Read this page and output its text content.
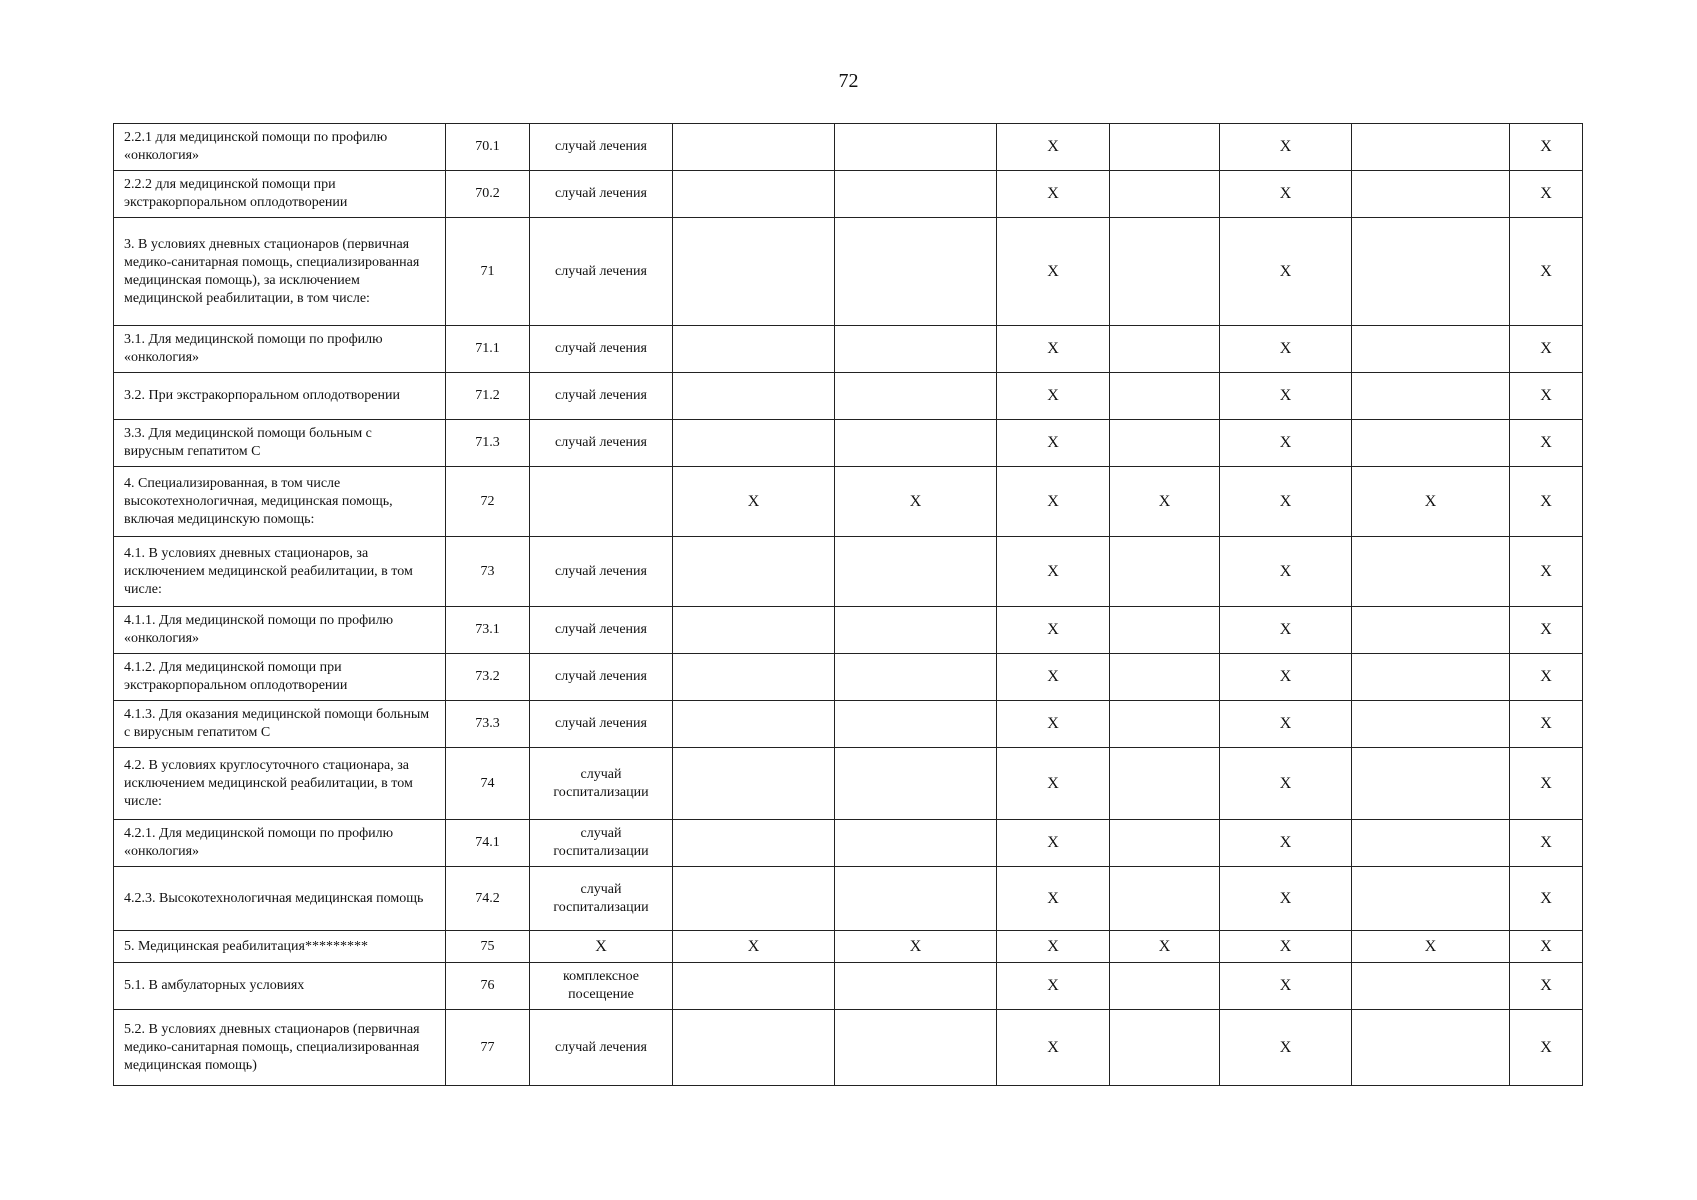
72
2.2.1 для медицинской помощи по профилю «онкология»	70.1	случай лечения			X		X		X
2.2.2 для медицинской помощи при экстракорпоральном оплодотворении	70.2	случай лечения			X		X		X
3. В условиях дневных стационаров (первичная медико-санитарная помощь, специализированная медицинская помощь), за исключением медицинской реабилитации, в том числе:	71	случай лечения			X		X		X
3.1. Для медицинской помощи по профилю «онкология»	71.1	случай лечения			X		X		X
3.2. При экстракорпоральном оплодотворении	71.2	случай лечения			X		X		X
3.3. Для медицинской помощи больным с вирусным гепатитом С	71.3	случай лечения			X		X		X
4. Специализированная, в том числе высокотехнологичная, медицинская помощь, включая медицинскую помощь:	72		X	X	X	X	X	X	X
4.1. В условиях дневных стационаров, за исключением медицинской реабилитации, в том числе:	73	случай лечения			X		X		X
4.1.1. Для медицинской помощи по профилю «онкология»	73.1	случай лечения			X		X		X
4.1.2. Для медицинской помощи при экстракорпоральном оплодотворении	73.2	случай лечения			X		X		X
4.1.3. Для оказания медицинской помощи больным с вирусным гепатитом С	73.3	случай лечения			X		X		X
4.2. В условиях круглосуточного стационара, за исключением медицинской реабилитации, в том числе:	74	случай госпитализации			X		X		X
4.2.1. Для медицинской помощи по профилю «онкология»	74.1	случай госпитализации			X		X		X
4.2.3. Высокотехнологичная медицинская помощь	74.2	случай госпитализации			X		X		X
5. Медицинская реабилитация*********	75	X	X	X	X	X	X	X	X
5.1. В амбулаторных условиях	76	комплексное посещение			X		X		X
5.2. В условиях дневных стационаров (первичная медико-санитарная помощь, специализированная медицинская помощь)	77	случай лечения			X		X		X
